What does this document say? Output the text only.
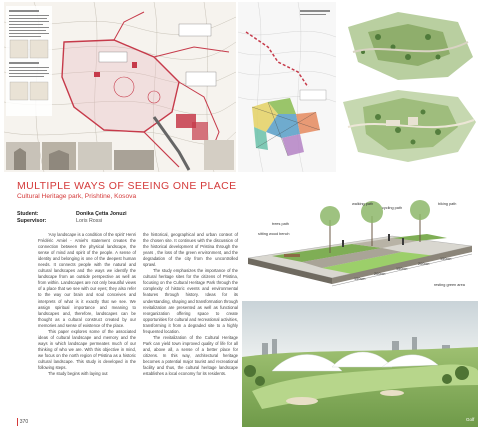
MULTIPLE WAYS OF SEEING ONE PLACE
Cultural Heritage park, Prishtine, Kosova
Student:
Supervisor:
Donika Çetta Jonuzi
Loris Rossi

'Any landscape is a condition of the spirit' Henri Frédéric Amiel - Amiel's statement creates the connection between the physical landscape, the sense of mind and spirit of the people. A sense of identity and belonging is one of the deepest human needs. It connects people with the natural and cultural landscapes and the ways we identify the landscape from an outside perspective as well as from within. Landscapes are not only beautiful views of a place that we see with our eyes; they also refer to the way our brain and soul conceives and interprets of what is it exactly that we see. We assign spiritual importance and meaning to landscapes and, therefore, landscapes can be thought as a cultural construct created by our memories and sense of existence of the place.

This paper explores some of the associated ideas of cultural landscape and memory and the ways in which landscape permeates much of our thinking of who we are. With this objective in mind, we focus on the north region of Pristina as a historic cultural landscape. This study is developed in the following steps.

The study begins with laying out

the historical, geographical and urban context of the chosen site. It continues with the discussion of the historical development of Pristina through the years , the loss of the green environment, and the degradation of the city from the uncontrolled sprawl.

The study emphasizes the importance of the cultural heritage sites for the citizens of Pristina, focusing on the Cultural Heritage Park through the complexity of historic events and environmental features through history. Ideas for its understanding, shaping and transformation through revitalization are presented as well as functional reorganization offering space to create opportunities for cultural and recreational activities, transforming it from a degraded site to a highly frequented location.

The revitalization of the Cultural Heritage Park can yield town improved quality of life for all and, above all, a sense of a better place for citizens. In this way, architectural heritage becomes a potential major tourist and recreational facility and thus, the cultural heritage landscape establishes a local economy for its residents.

370
walking path
cycling path
biking path
trees path
sitting wood bench
resting green area
150cm
200cm
150cm
200cm
150cm
Golf
